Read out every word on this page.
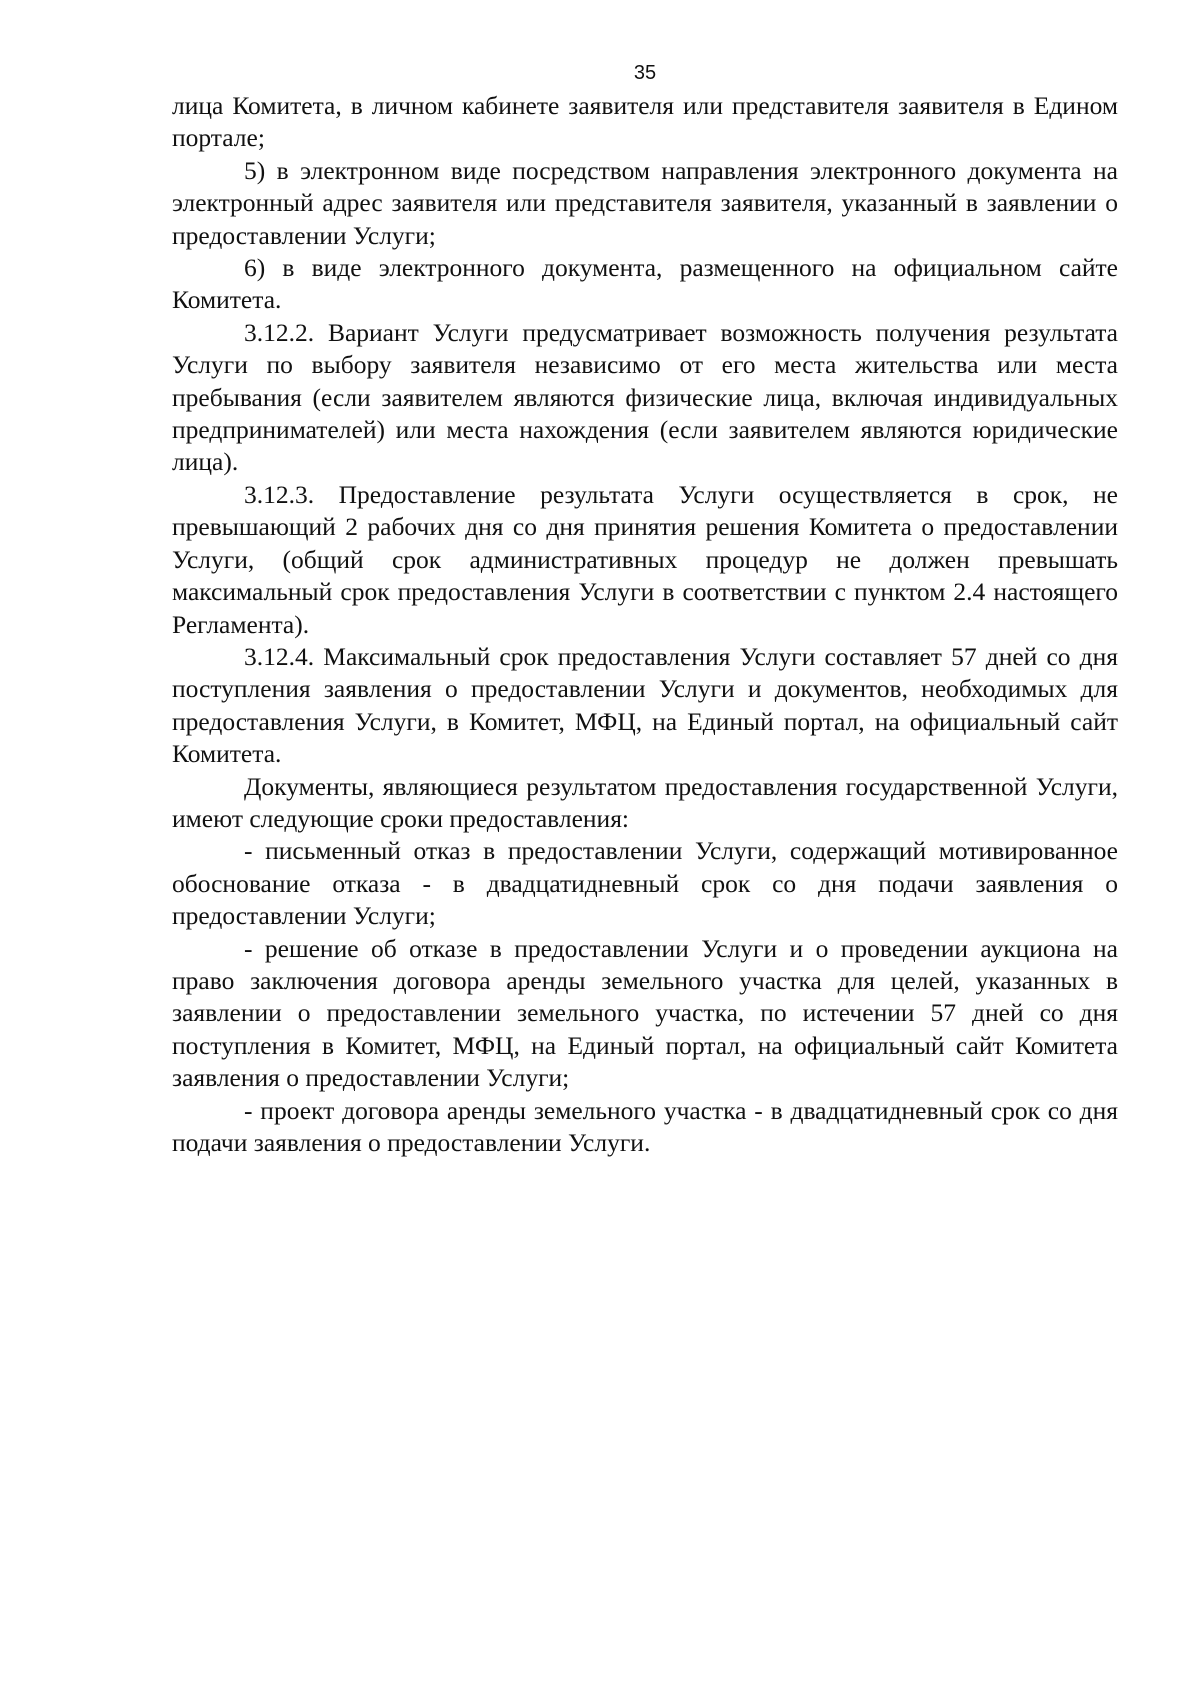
35

лица Комитета, в личном кабинете заявителя или представителя заявителя в Едином портале;

5) в электронном виде посредством направления электронного документа на электронный адрес заявителя или представителя заявителя, указанный в заявлении о предоставлении Услуги;

6) в виде электронного документа, размещенного на официальном сайте Комитета.

3.12.2. Вариант Услуги предусматривает возможность получения результата Услуги по выбору заявителя независимо от его места жительства или места пребывания (если заявителем являются физические лица, включая индивидуальных предпринимателей) или места нахождения (если заявителем являются юридические лица).

3.12.3. Предоставление результата Услуги осуществляется в срок, не превышающий 2 рабочих дня со дня принятия решения Комитета о предоставлении Услуги, (общий срок административных процедур не должен превышать максимальный срок предоставления Услуги в соответствии с пунктом 2.4 настоящего Регламента).

3.12.4. Максимальный срок предоставления Услуги составляет 57 дней со дня поступления заявления о предоставлении Услуги и документов, необходимых для предоставления Услуги, в Комитет, МФЦ, на Единый портал, на официальный сайт Комитета.

Документы, являющиеся результатом предоставления государственной Услуги, имеют следующие сроки предоставления:

- письменный отказ в предоставлении Услуги, содержащий мотивированное обоснование отказа - в двадцатидневный срок со дня подачи заявления о предоставлении Услуги;

- решение об отказе в предоставлении Услуги и о проведении аукциона на право заключения договора аренды земельного участка для целей, указанных в заявлении о предоставлении земельного участка, по истечении 57 дней со дня поступления в Комитет, МФЦ, на Единый портал, на официальный сайт Комитета заявления о предоставлении Услуги;

- проект договора аренды земельного участка - в двадцатидневный срок со дня подачи заявления о предоставлении Услуги.
